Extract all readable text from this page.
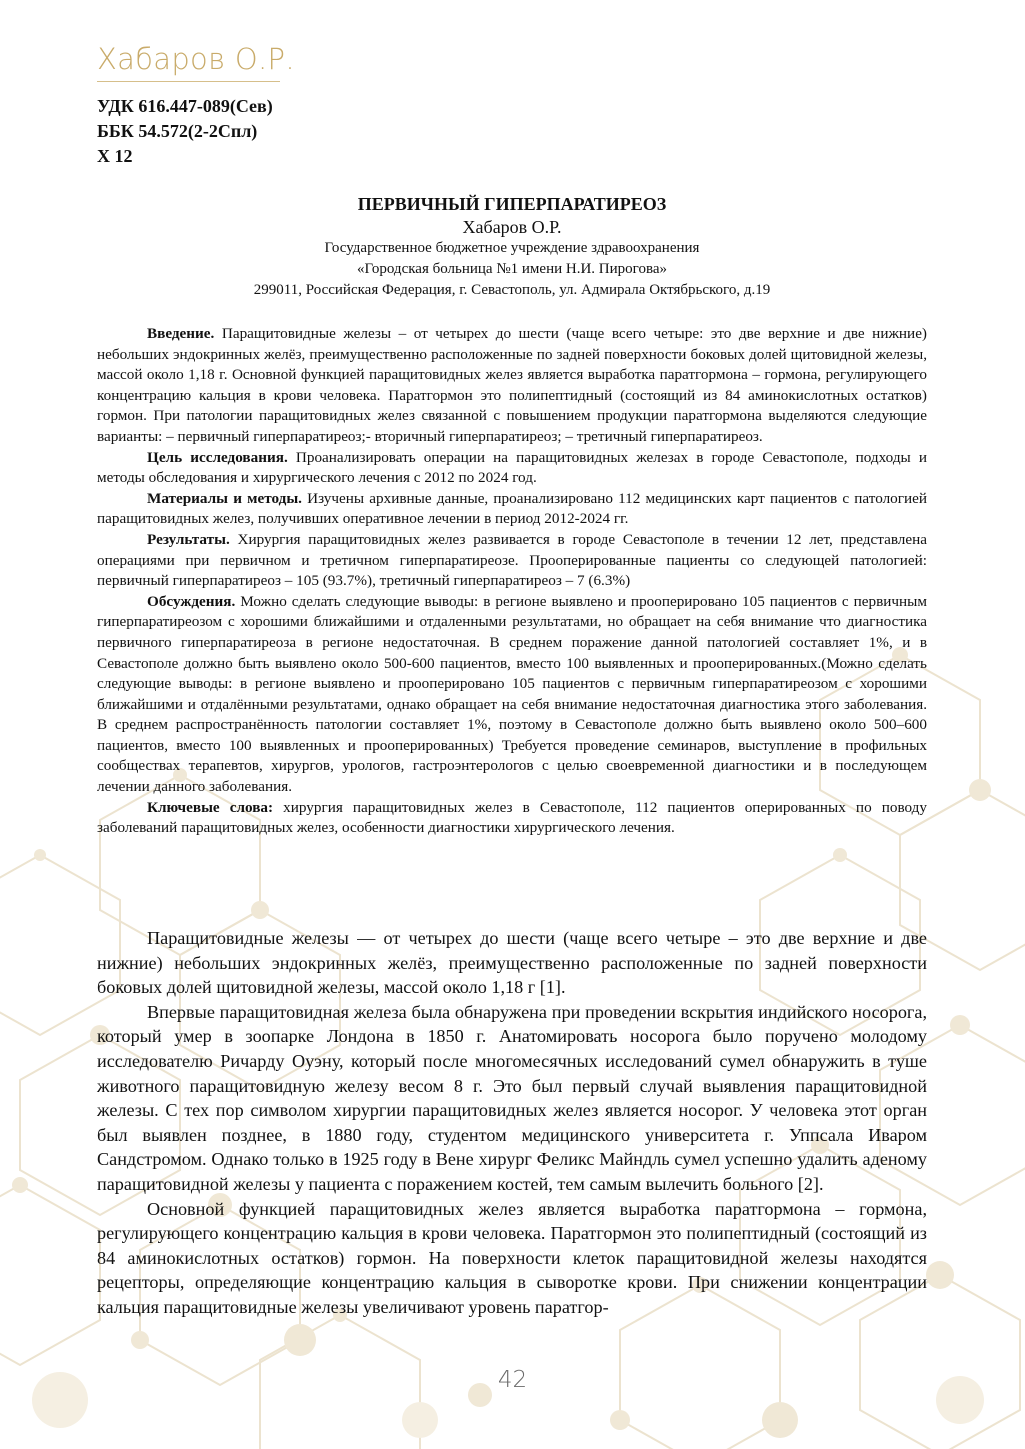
Хабаров О.Р.
УДК 616.447-089(Сев)
ББК 54.572(2-2Спл)
Х 12
ПЕРВИЧНЫЙ ГИПЕРПАРАТИРЕОЗ
Хабаров О.Р.
Государственное бюджетное учреждение здравоохранения
«Городская больница №1 имени Н.И. Пирогова»
299011, Российская Федерация, г. Севастополь, ул. Адмирала Октябрьского, д.19

Введение. Паращитовидные железы – от четырех до шести (чаще всего четыре: это две верхние и две нижние) небольших эндокринных желёз, преимущественно расположенные по задней поверхности боковых долей щитовидной железы, массой около 1,18 г. Основной функцией паращитовидных желез является выработка паратгормона – гормона, регулирующего концентрацию кальция в крови человека. Паратгормон это полипептидный (состоящий из 84 аминокислотных остатков) гормон. При патологии паращитовидных желез связанной с повышением продукции паратгормона выделяются следующие варианты: – первичный гиперпаратиреоз;- вторичный гиперпаратиреоз; – третичный гиперпаратиреоз.

Цель исследования. Проанализировать операции на паращитовидных железах в городе Севастополе, подходы и методы обследования и хирургического лечения с 2012 по 2024 год.

Материалы и методы. Изучены архивные данные, проанализировано 112 медицинских карт пациентов с патологией паращитовидных желез, получивших оперативное лечении в период 2012-2024 гг.

Результаты. Хирургия паращитовидных желез развивается в городе Севастополе в течении 12 лет, представлена операциями при первичном и третичном гиперпаратиреозе. Прооперированные пациенты со следующей патологией: первичный гиперпаратиреоз – 105 (93.7%), третичный гиперпаратиреоз – 7 (6.3%)

Обсуждения. Можно сделать следующие выводы: в регионе выявлено и прооперировано 105 пациентов с первичным гиперпаратиреозом с хорошими ближайшими и отдаленными результатами, но обращает на себя внимание что диагностика первичного гиперпаратиреоза в регионе недостаточная. В среднем поражение данной патологией составляет 1%, и в Севастополе должно быть выявлено около 500-600 пациентов, вместо 100 выявленных и прооперированных.(Можно сделать следующие выводы: в регионе выявлено и прооперировано 105 пациентов с первичным гиперпаратиреозом с хорошими ближайшими и отдалёнными результатами, однако обращает на себя внимание недостаточная диагностика этого заболевания. В среднем распространённость патологии составляет 1%, поэтому в Севастополе должно быть выявлено около 500–600 пациентов, вместо 100 выявленных и прооперированных) Требуется проведение семинаров, выступление в профильных сообществах терапевтов, хирургов, урологов, гастроэнтерологов с целью своевременной диагностики и в последующем лечении данного заболевания.

Ключевые слова: хирургия паращитовидных желез в Севастополе, 112 пациентов оперированных по поводу заболеваний паращитовидных желез, особенности диагностики хирургического лечения.

Паращитовидные железы — от четырех до шести (чаще всего четыре – это две верхние и две нижние) небольших эндокринных желёз, преимущественно расположенные по задней поверхности боковых долей щитовидной железы, массой около 1,18 г [1].

Впервые паращитовидная железа была обнаружена при проведении вскрытия индийского носорога, который умер в зоопарке Лондона в 1850 г. Анатомировать носорога было поручено молодому исследователю Ричарду Оуэну, который после многомесячных исследований сумел обнаружить в туше животного паращитовидную железу весом 8 г. Это был первый случай выявления паращитовидной железы. С тех пор символом хирургии паращитовидных желез является носорог. У человека этот орган был выявлен позднее, в 1880 году, студентом медицинского университета г. Уппсала Иваром Сандстромом. Однако только в 1925 году в Вене хирург Феликс Майндль сумел успешно удалить аденому паращитовидной железы у пациента с поражением костей, тем самым вылечить больного [2].

Основной функцией паращитовидных желез является выработка паратгормона – гормона, регулирующего концентрацию кальция в крови человека. Паратгормон это полипептидный (состоящий из 84 аминокислотных остатков) гормон. На поверхности клеток паращитовидной железы находятся рецепторы, определяющие концентрацию кальция в сыворотке крови. При снижении концентрации кальция паращитовидные железы увеличивают уровень паратгор-

42
